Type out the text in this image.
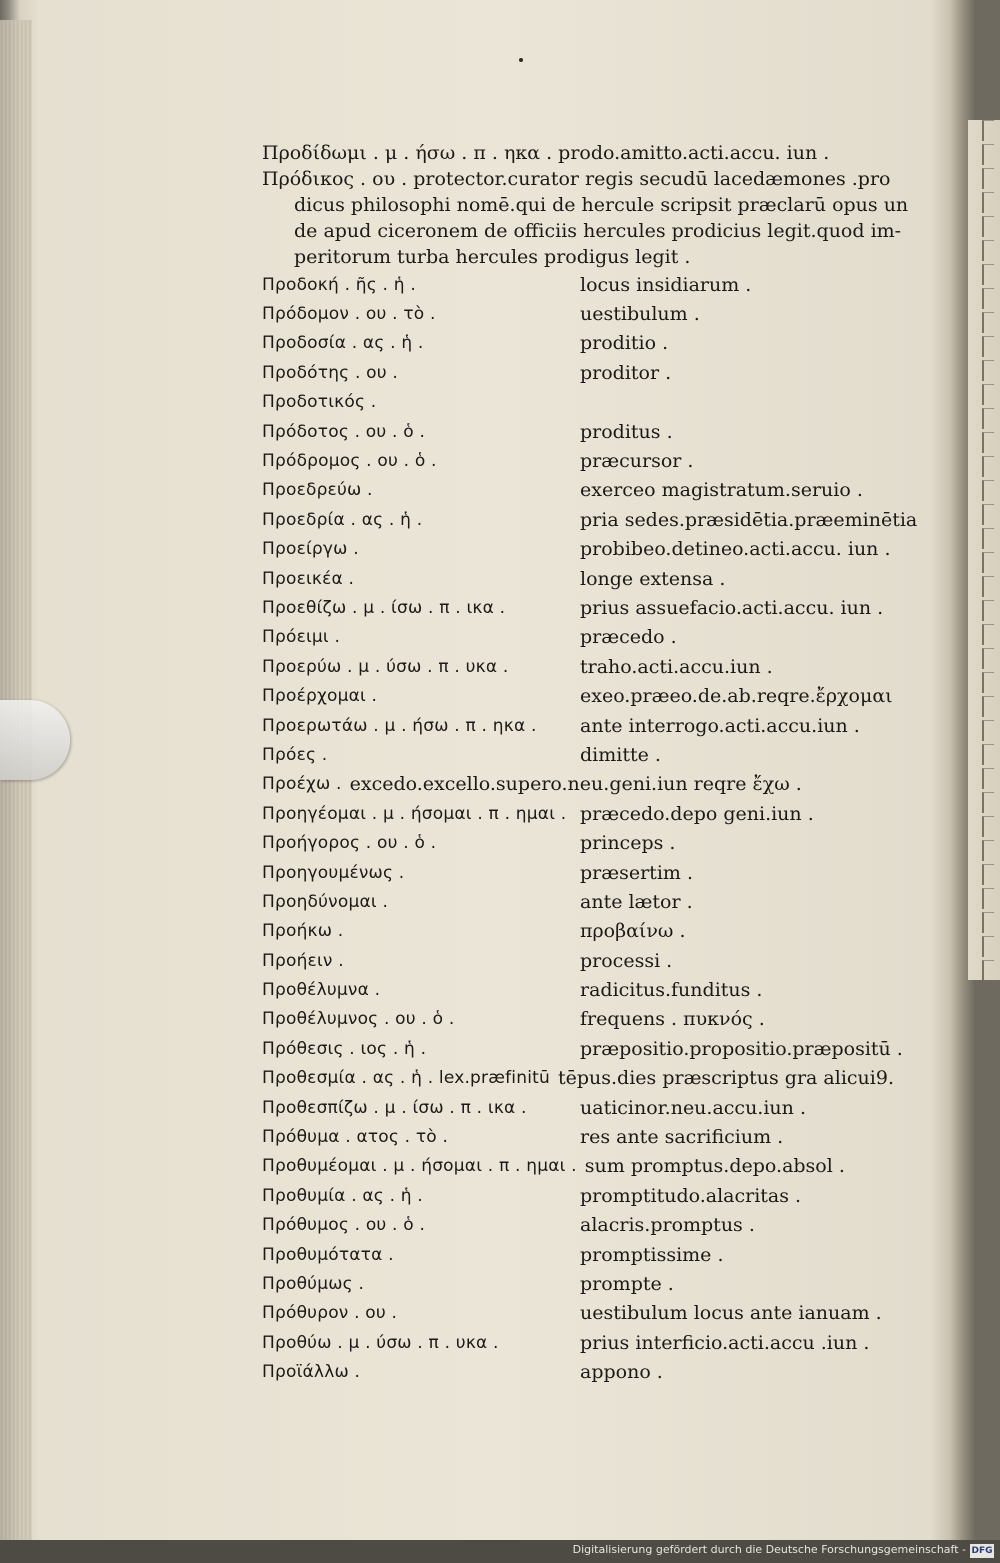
Προδίδωμι . μ . ήσω . π . ηκα . prodo.amitto.acti.accu. iun .
Πρόδικος . ου . protector.curator regis secudū lacedæmones .pro
dicus philosophi nomē.qui de hercule scripsit præclarū opus un
de apud ciceronem de officiis hercules prodicius legit.quod im-
peritorum turba hercules prodigus legit .
Προδοκή . ῆς . ἡ .	locus insidiarum .
Πρόδομον . ου . τὸ .	uestibulum .
Προδοσία . ας . ἡ .	proditio .
Προδότης . ου .	proditor .
Προδοτικός .
Πρόδοτος . ου . ὁ .	proditus .
Πρόδρομος . ου . ὁ .	præcursor .
Προεδρεύω .	exerceo magistratum.seruio .
Προεδρία . ας . ἡ .	pria sedes.præsidētia.præeminētia
Προείργω .	probibeo.detineo.acti.accu. iun .
Προεικέα .	longe extensa .
Προεθίζω . μ . ίσω . π . ικα .	prius assuefacio.acti.accu. iun .
Πρόειμι .	præcedo .
Προερύω . μ . ύσω . π . υκα .	traho.acti.accu.iun .
Προέρχομαι .	exeo.præeo.de.ab.reqre.ἔρχομαι
Προερωτάω . μ . ήσω . π . ηκα .	ante interrogo.acti.accu.iun .
Πρόες .	dimitte .
Προέχω . excedo.excello.supero.neu.geni.iun reqre ἔχω .
Προηγέομαι . μ . ήσομαι . π . ημαι . præcedo.depo geni.iun .
Προήγορος . ου . ὁ .	princeps .
Προηγουμένως .	præsertim .
Προηδύνομαι .	ante lætor .
Προήκω .	προβαίνω .
Προήειν .	processi .
Προθέλυμνα .	radicitus.funditus .
Προθέλυμνος . ου . ὁ .	frequens . πυκνός .
Πρόθεσις . ιος . ἡ .	præpositio.propositio.præpositū .
Προθεσμία . ας . ἡ . lex.præfinitū tēpus.dies præscriptus gra alicui9.
Προθεσπίζω . μ . ίσω . π . ικα .	uaticinor.neu.accu.iun .
Πρόθυμα . ατος . τὸ .	res ante sacrificium .
Προθυμέομαι . μ . ήσομαι . π . ημαι . sum promptus.depo.absol .
Προθυμία . ας . ἡ .	promptitudo.alacritas .
Πρόθυμος . ου . ὁ .	alacris.promptus .
Προθυμότατα .	promptissime .
Προθύμως .	prompte .
Πρόθυρον . ου .	uestibulum locus ante ianuam .
Προθύω . μ . ύσω . π . υκα .	prius interficio.acti.accu .iun .
Προϊάλλω .	appono .
Digitalisierung gefördert durch die Deutsche Forschungsgemeinschaft - DFG
